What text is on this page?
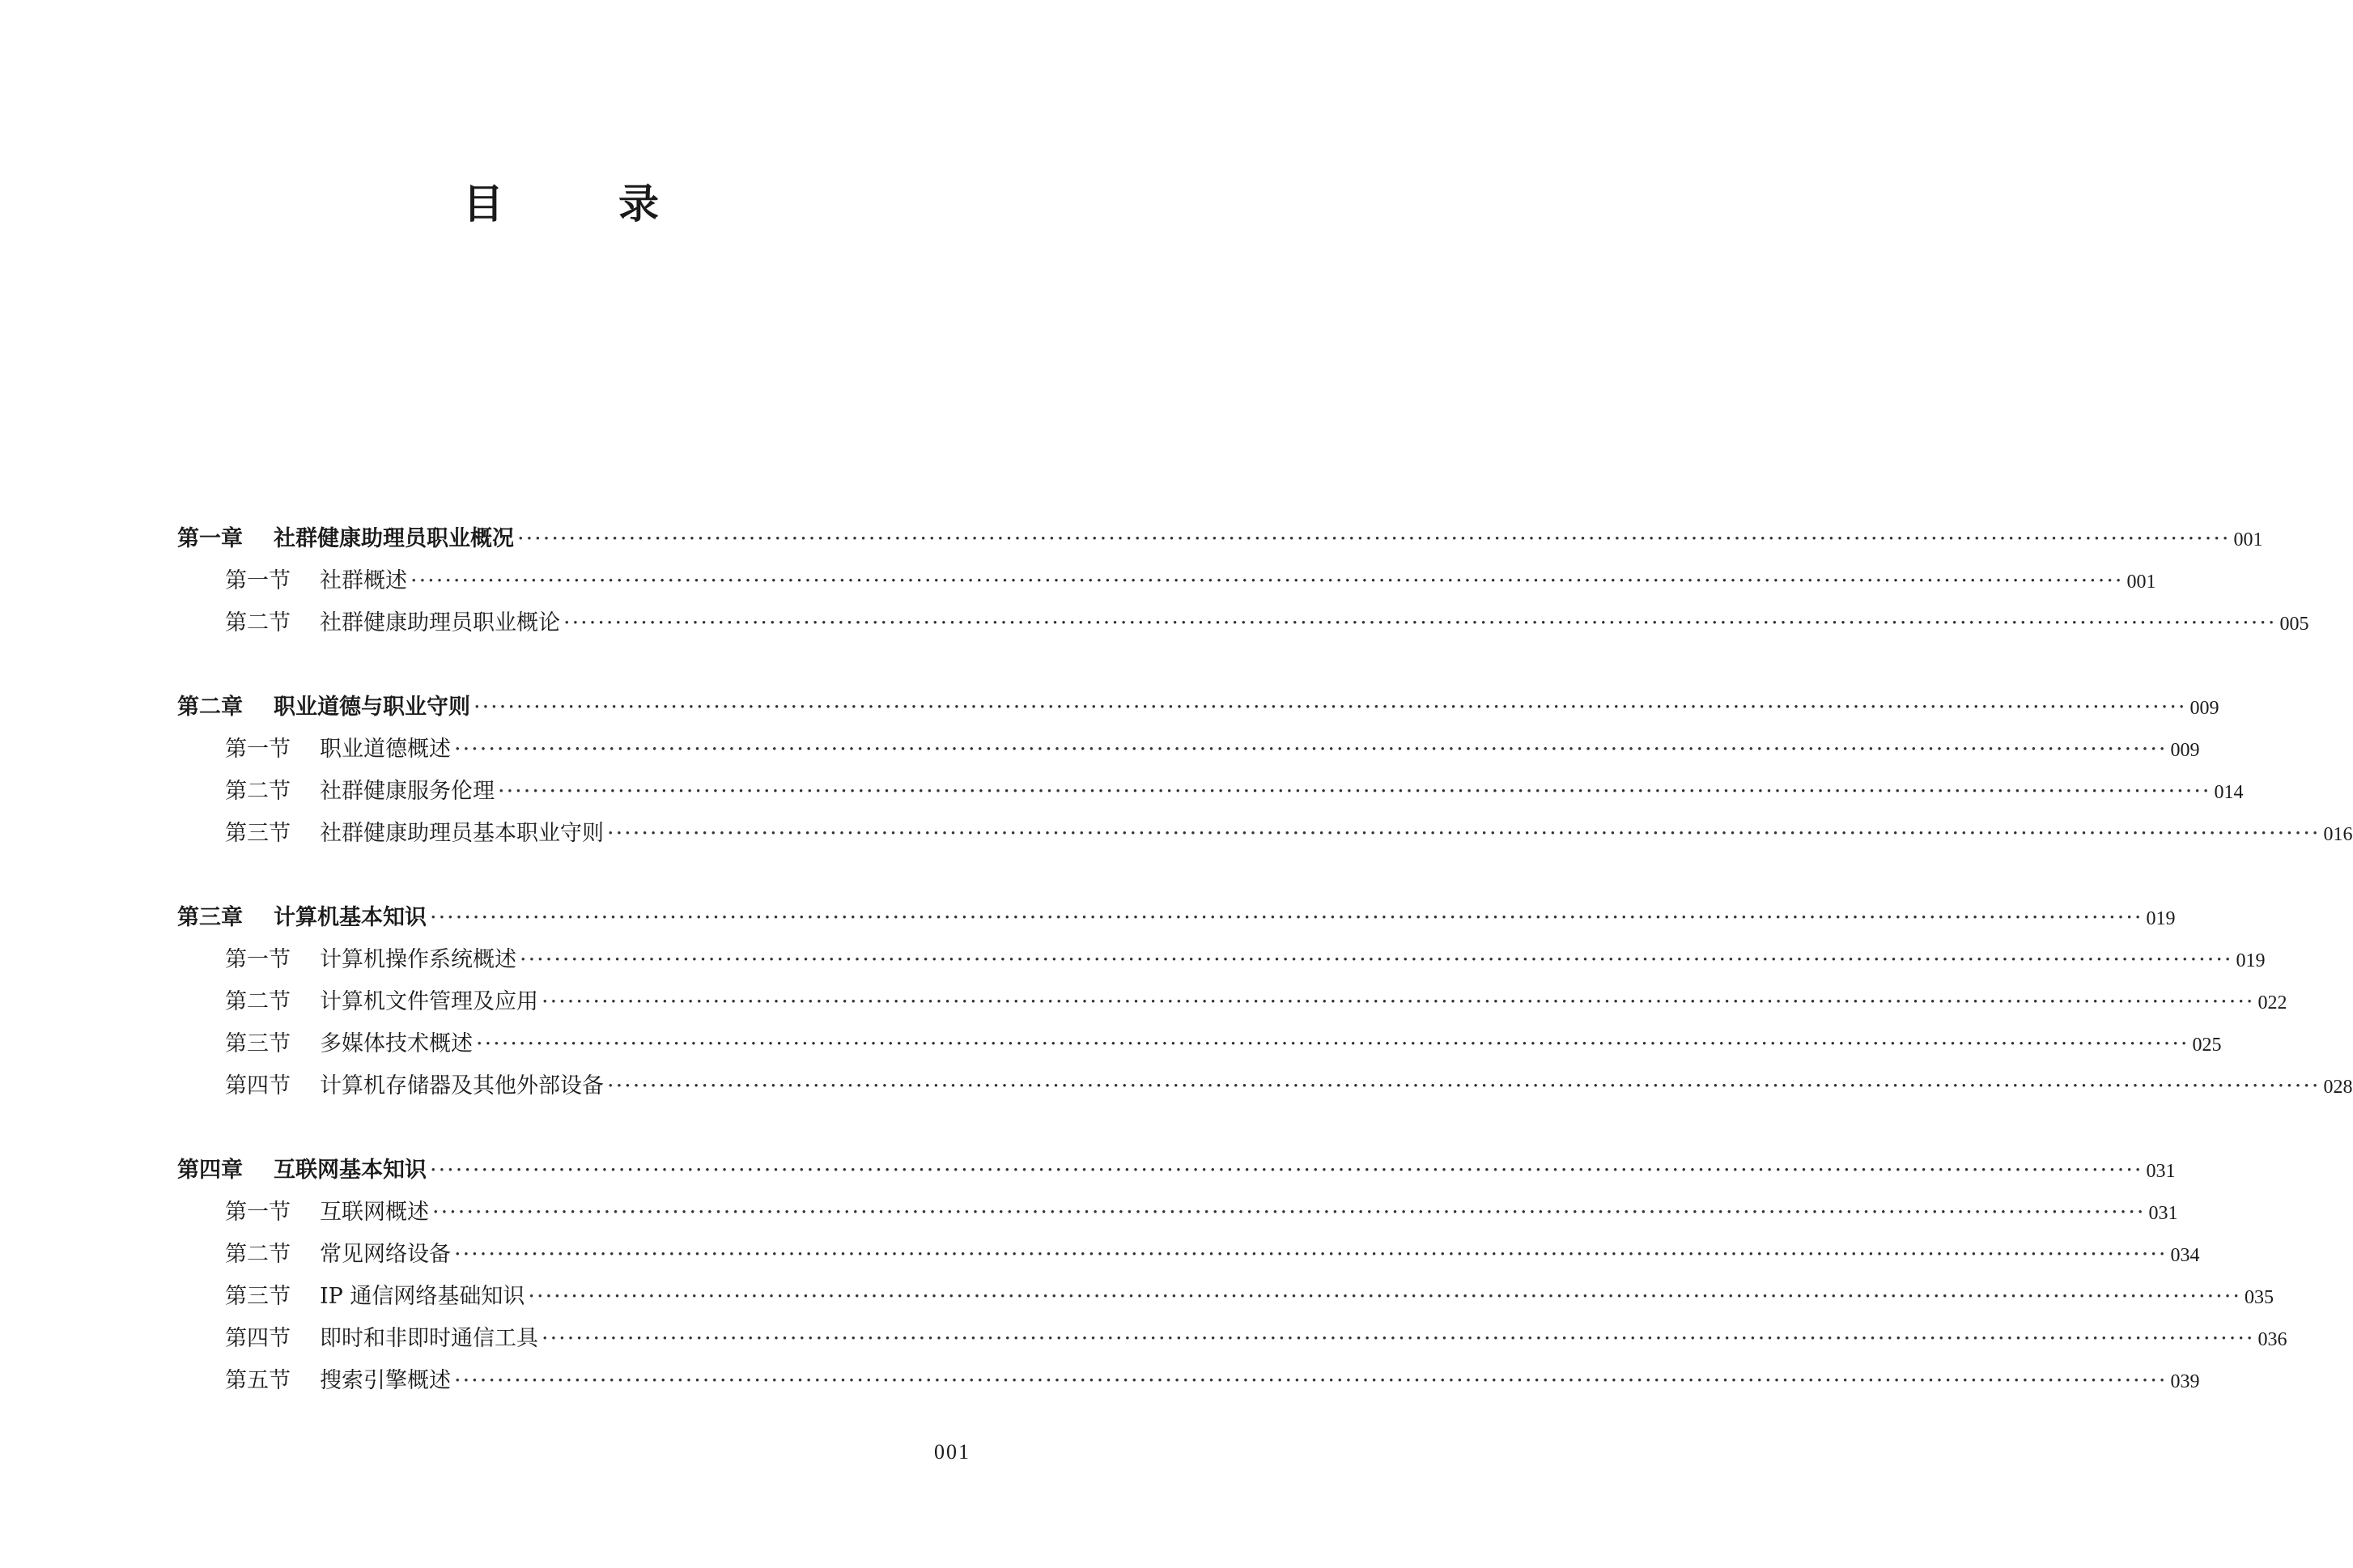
目　录
第一章	社群健康助理员职业概况 ········································································································································································································ 001
第一节	社群概述 ········································································································································································································ 001
第二节	社群健康助理员职业概论 ········································································································································································································ 005
第二章	职业道德与职业守则 ········································································································································································································ 009
第一节	职业道德概述 ········································································································································································································ 009
第二节	社群健康服务伦理 ········································································································································································································ 014
第三节	社群健康助理员基本职业守则 ········································································································································································································ 016
第三章	计算机基本知识 ········································································································································································································ 019
第一节	计算机操作系统概述 ········································································································································································································ 019
第二节	计算机文件管理及应用 ········································································································································································································ 022
第三节	多媒体技术概述 ········································································································································································································ 025
第四节	计算机存储器及其他外部设备 ········································································································································································································ 028
第四章	互联网基本知识 ········································································································································································································ 031
第一节	互联网概述 ········································································································································································································ 031
第二节	常见网络设备 ········································································································································································································ 034
第三节	IP 通信网络基础知识 ········································································································································································································ 035
第四节	即时和非即时通信工具 ········································································································································································································ 036
第五节	搜索引擎概述 ········································································································································································································ 039
001
